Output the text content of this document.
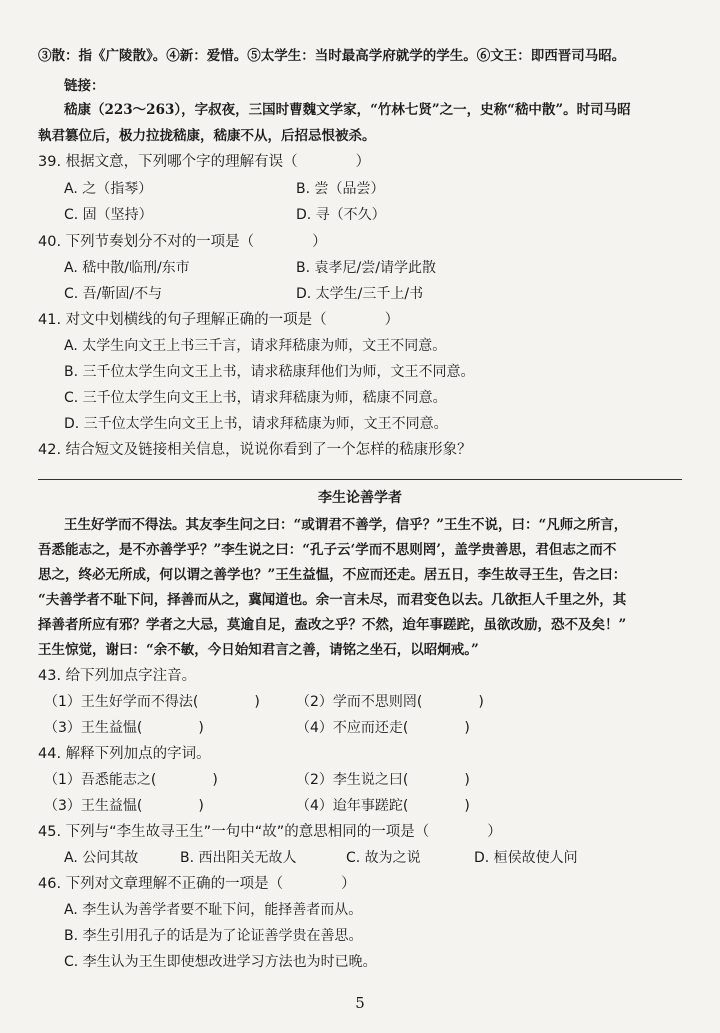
③散：指《广陵散》。④新：爱惜。⑤太学生：当时最高学府就学的学生。⑥文王：即西晋司马昭。
链接：
嵇康（223～263），字叔夜，三国时曹魏文学家，“竹林七贤”之一，史称“嵇中散”。时司马昭
執君篡位后，极力拉拢嵇康，嵇康不从，后招忌恨被杀。
39. 根据文意，下列哪个字的理解有误（　　　　）
A. 之（指琴）	B. 尝（品尝）
C. 固（坚持）	D. 寻（不久）
40. 下列节奏划分不对的一项是（　　　　）
A. 嵇中散/临刑/东市	B. 袁孝尼/尝/请学此散
C. 吾/靳固/不与	D. 太学生/三千上/书
41. 对文中划横线的句子理解正确的一项是（　　　　）
A. 太学生向文王上书三千言，请求拜嵇康为师，文王不同意。
B. 三千位太学生向文王上书，请求嵇康拜他们为师，文王不同意。
C. 三千位太学生向文王上书，请求拜嵇康为师，嵇康不同意。
D. 三千位太学生向文王上书，请求拜嵇康为师，文王不同意。
42. 结合短文及链接相关信息，说说你看到了一个怎样的嵇康形象？
李生论善学者
王生好学而不得法。其友李生问之曰：“或谓君不善学，信乎？”王生不说，曰：“凡师之所言，
吾悉能志之，是不亦善学乎？”李生说之曰：“孔子云‘学而不思则罔’，盖学贵善思，君但志之而不
思之，终必无所成，何以谓之善学也？”王生益愠，不应而还走。居五日，李生故寻王生，告之曰：
“夫善学者不耻下问，择善而从之，冀闻道也。余一言未尽，而君变色以去。几欲拒人千里之外，其
择善者所应有邪？学者之大忌，莫逾自足，盍改之乎？不然，迨年事蹉跎，虽欲改励，恐不及矣！”
王生惊觉，谢曰：“余不敏，今日始知君言之善，请铭之坐石，以昭炯戒。”
43. 给下列加点字注音。
（1）王生好学而不得法(　　　　)	（2）学而不思则罔(　　　　)
（3）王生益愠(　　　　)	（4）不应而还走(　　　　)
44. 解释下列加点的字词。
（1）吾悉能志之(　　　　)	（2）李生说之曰(　　　　)
（3）王生益愠(　　　　)	（4）迨年事蹉跎(　　　　)
45. 下列与“李生故寻王生”一句中“故”的意思相同的一项是（　　　　）
A. 公问其故	B. 西出阳关无故人	C. 故为之说	D. 桓侯故使人问
46. 下列对文章理解不正确的一项是（　　　　）
A. 李生认为善学者要不耻下问，能择善者而从。
B. 李生引用孔子的话是为了论证善学贵在善思。
C. 李生认为王生即使想改进学习方法也为时已晚。
5
